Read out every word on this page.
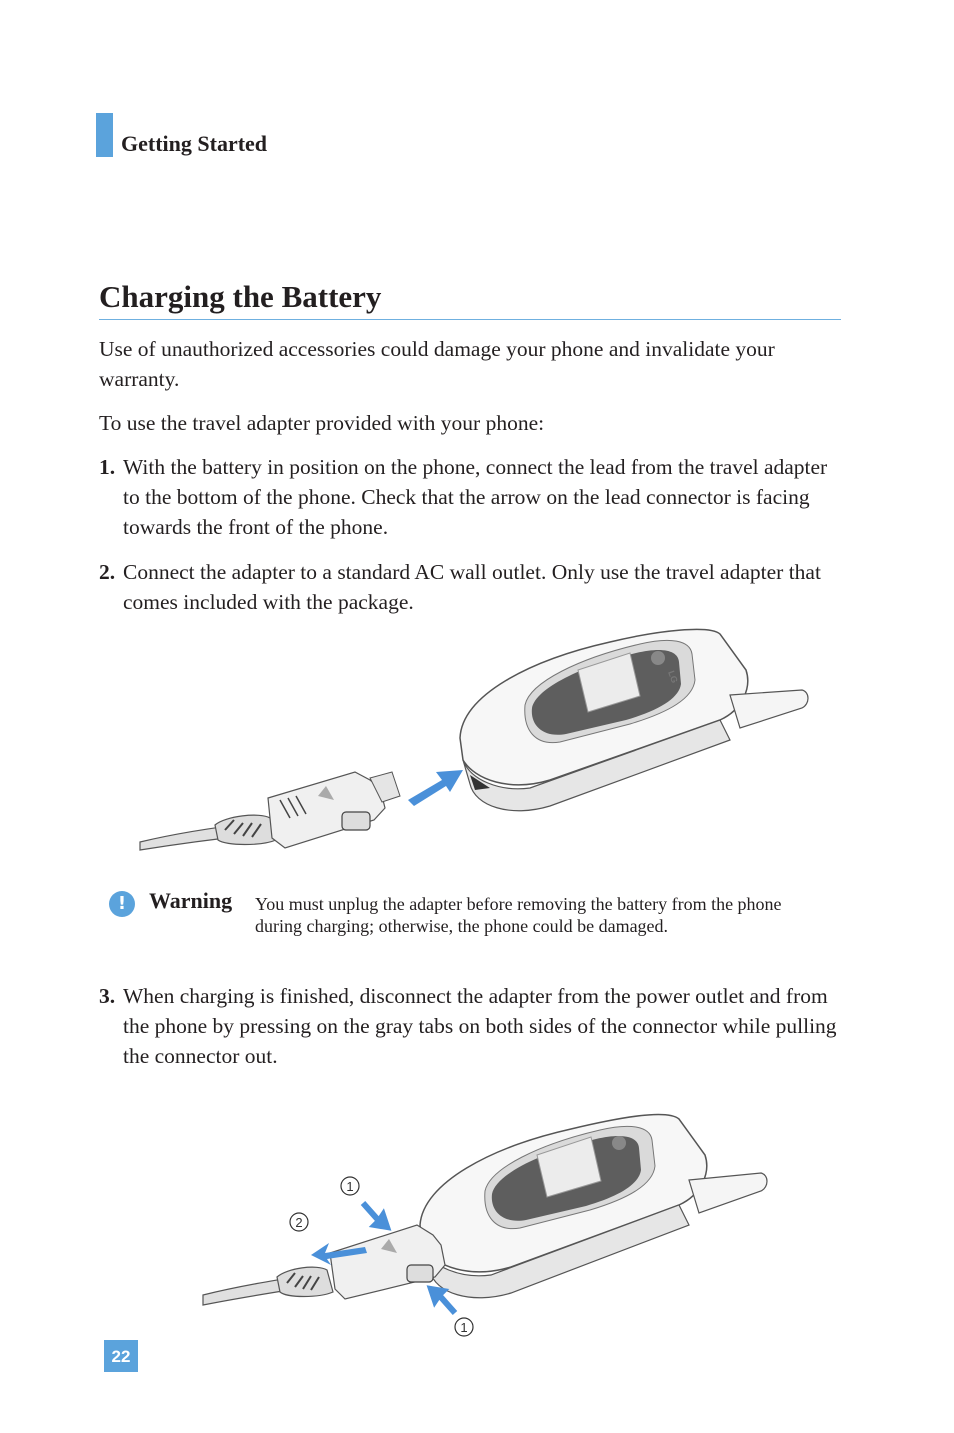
Getting Started
Charging the Battery

Use of unauthorized accessories could damage your phone and invalidate your warranty.

To use the travel adapter provided with your phone:

1. With the battery in position on the phone, connect the lead from the travel adapter to the bottom of the phone. Check that the arrow on the lead connector is facing towards the front of the phone.
2. Connect the adapter to a standard AC wall outlet. Only use the travel adapter that comes included with the package.
LG
!	Warning You must unplug the adapter before removing the battery from the phone during charging; otherwise, the phone could be damaged.
3. When charging is finished, disconnect the adapter from the power outlet and from the phone by pressing on the gray tabs on both sides of the connector while pulling the connector out.
1
2
1
22
